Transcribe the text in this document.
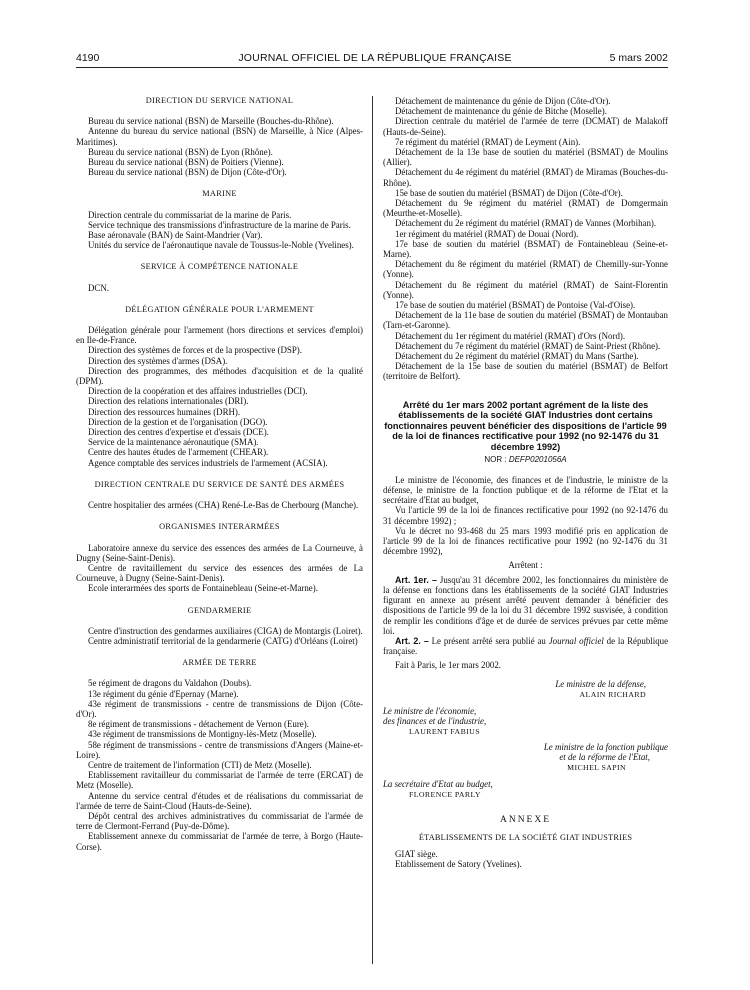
4190	JOURNAL OFFICIEL DE LA RÉPUBLIQUE FRANÇAISE	5 mars 2002

DIRECTION DU SERVICE NATIONAL

Bureau du service national (BSN) de Marseille (Bouches-du-Rhône).

Antenne du bureau du service national (BSN) de Marseille, à Nice (Alpes-Maritimes).

Bureau du service national (BSN) de Lyon (Rhône).

Bureau du service national (BSN) de Poitiers (Vienne).

Bureau du service national (BSN) de Dijon (Côte-d'Or).

MARINE

Direction centrale du commissariat de la marine de Paris.

Service technique des transmissions d'infrastructure de la marine de Paris.

Base aéronavale (BAN) de Saint-Mandrier (Var).

Unités du service de l'aéronautique navale de Toussus-le-Noble (Yvelines).

SERVICE À COMPÉTENCE NATIONALE

DCN.

DÉLÉGATION GÉNÉRALE POUR L'ARMEMENT

Délégation générale pour l'armement (hors directions et services d'emploi) en Ile-de-France.

Direction des systèmes de forces et de la prospective (DSP).

Direction des systèmes d'armes (DSA).

Direction des programmes, des méthodes d'acquisition et de la qualité (DPM).

Direction de la coopération et des affaires industrielles (DCI).

Direction des relations internationales (DRI).

Direction des ressources humaines (DRH).

Direction de la gestion et de l'organisation (DGO).

Direction des centres d'expertise et d'essais (DCE).

Service de la maintenance aéronautique (SMA).

Centre des hautes études de l'armement (CHEAR).

Agence comptable des services industriels de l'armement (ACSIA).

DIRECTION CENTRALE DU SERVICE DE SANTÉ DES ARMÉES

Centre hospitalier des armées (CHA) René-Le-Bas de Cherbourg (Manche).

ORGANISMES INTERARMÉES

Laboratoire annexe du service des essences des armées de La Courneuve, à Dugny (Seine-Saint-Denis).

Centre de ravitaillement du service des essences des armées de La Courneuve, à Dugny (Seine-Saint-Denis).

Ecole interarmées des sports de Fontainebleau (Seine-et-Marne).

GENDARMERIE

Centre d'instruction des gendarmes auxiliaires (CIGA) de Montargis (Loiret).

Centre administratif territorial de la gendarmerie (CATG) d'Orléans (Loiret)

ARMÉE DE TERRE

5e régiment de dragons du Valdahon (Doubs).

13e régiment du génie d'Epernay (Marne).

43e régiment de transmissions - centre de transmissions de Dijon (Côte-d'Or).

8e régiment de transmissions - détachement de Vernon (Eure).

43e régiment de transmissions de Montigny-lès-Metz (Moselle).

58e régiment de transmissions - centre de transmissions d'Angers (Maine-et-Loire).

Centre de traitement de l'information (CTI) de Metz (Moselle).

Etablissement ravitailleur du commissariat de l'armée de terre (ERCAT) de Metz (Moselle).

Antenne du service central d'études et de réalisations du commissariat de l'armée de terre de Saint-Cloud (Hauts-de-Seine).

Dépôt central des archives administratives du commissariat de l'armée de terre de Clermont-Ferrand (Puy-de-Dôme).

Etablissement annexe du commissariat de l'armée de terre, à Borgo (Haute-Corse).

Détachement de maintenance du génie de Dijon (Côte-d'Or).

Détachement de maintenance du génie de Bitche (Moselle).

Direction centrale du matériel de l'armée de terre (DCMAT) de Malakoff (Hauts-de-Seine).

7e régiment du matériel (RMAT) de Leyment (Ain).

Détachement de la 13e base de soutien du matériel (BSMAT) de Moulins (Allier).

Détachement du 4e régiment du matériel (RMAT) de Miramas (Bouches-du-Rhône).

15e base de soutien du matériel (BSMAT) de Dijon (Côte-d'Or).

Détachement du 9e régiment du matériel (RMAT) de Domgermain (Meurthe-et-Moselle).

Détachement du 2e régiment du matériel (RMAT) de Vannes (Morbihan).

1er régiment du matériel (RMAT) de Douai (Nord).

17e base de soutien du matériel (BSMAT) de Fontainebleau (Seine-et-Marne).

Détachement du 8e régiment du matériel (RMAT) de Chemilly-sur-Yonne (Yonne).

Détachement du 8e régiment du matériel (RMAT) de Saint-Florentin (Yonne).

17e base de soutien du matériel (BSMAT) de Pontoise (Val-d'Oise).

Détachement de la 11e base de soutien du matériel (BSMAT) de Montauban (Tarn-et-Garonne).

Détachement du 1er régiment du matériel (RMAT) d'Ors (Nord).

Détachement du 7e régiment du matériel (RMAT) de Saint-Priest (Rhône).

Détachement du 2e régiment du matériel (RMAT) du Mans (Sarthe).

Détachement de la 15e base de soutien du matériel (BSMAT) de Belfort (territoire de Belfort).

Arrêté du 1er mars 2002 portant agrément de la liste des établissements de la société GIAT Industries dont certains fonctionnaires peuvent bénéficier des dispositions de l'article 99 de la loi de finances rectificative pour 1992 (no 92-1476 du 31 décembre 1992)

NOR : DEFP0201056A

Le ministre de l'économie, des finances et de l'industrie, le ministre de la défense, le ministre de la fonction publique et de la réforme de l'Etat et la secrétaire d'Etat au budget,

Vu l'article 99 de la loi de finances rectificative pour 1992 (no 92-1476 du 31 décembre 1992) ;

Vu le décret no 93-468 du 25 mars 1993 modifié pris en application de l'article 99 de la loi de finances rectificative pour 1992 (no 92-1476 du 31 décembre 1992),

Arrêtent :

Art. 1er. – Jusqu'au 31 décembre 2002, les fonctionnaires du ministère de la défense en fonctions dans les établissements de la société GIAT Industries figurant en annexe au présent arrêté peuvent demander à bénéficier des dispositions de l'article 99 de la loi du 31 décembre 1992 susvisée, à condition de remplir les conditions d'âge et de durée de services prévues par cette même loi.

Art. 2. – Le présent arrêté sera publié au Journal officiel de la République française.

Fait à Paris, le 1er mars 2002.

Le ministre de la défense,

ALAIN RICHARD

Le ministre de l'économie,

des finances et de l'industrie,

LAURENT FABIUS

Le ministre de la fonction publique

et de la réforme de l'Etat,

MICHEL SAPIN

La secrétaire d'Etat au budget,

FLORENCE PARLY

ANNEXE

ÉTABLISSEMENTS DE LA SOCIÉTÉ GIAT INDUSTRIES

GIAT siège.

Etablissement de Satory (Yvelines).
